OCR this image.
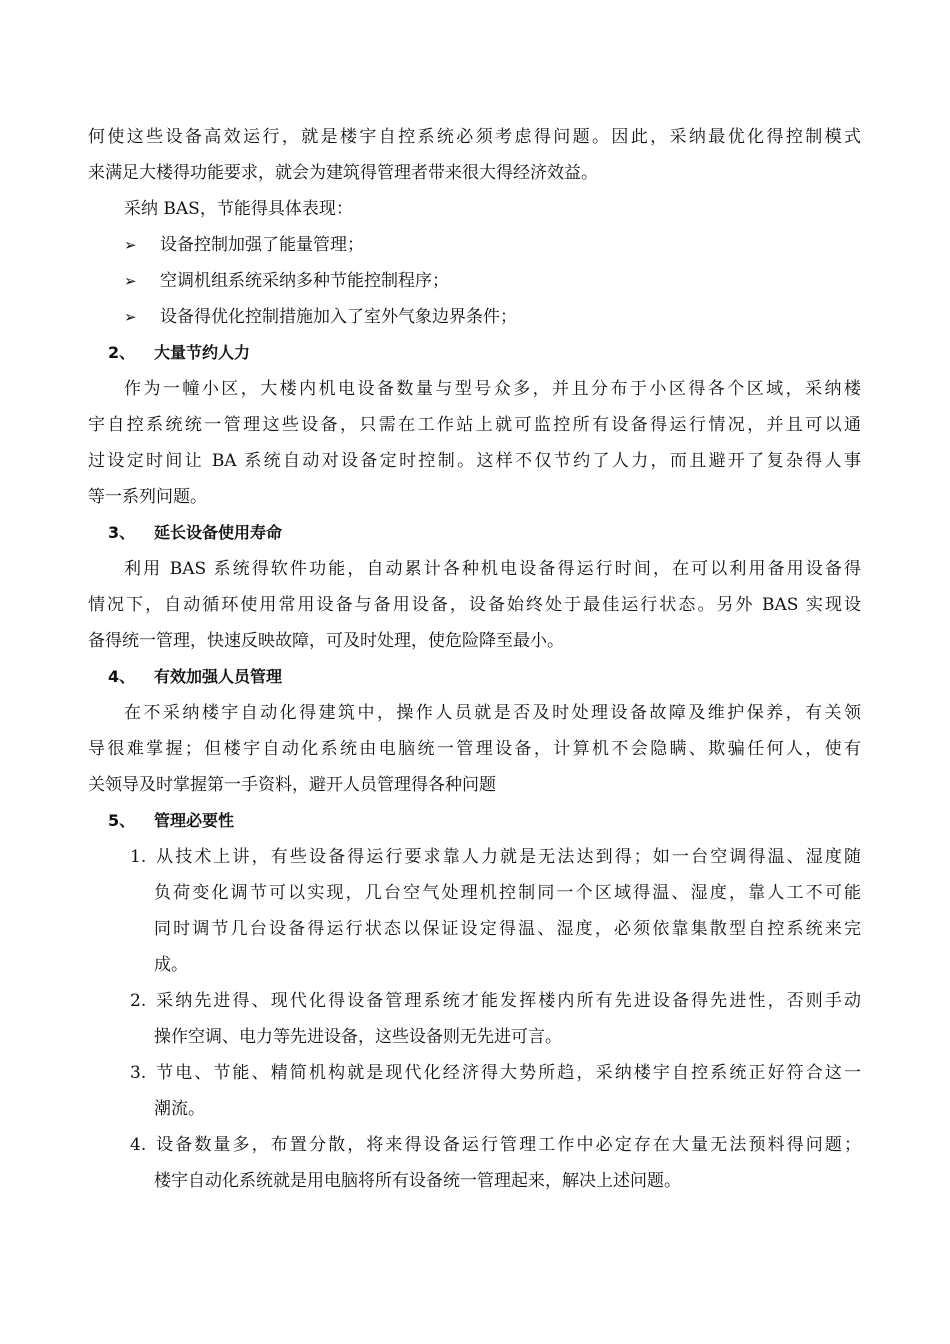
何使这些设备高效运行，就是楼宇自控系统必须考虑得问题。因此，采纳最优化得控制模式
来满足大楼得功能要求，就会为建筑得管理者带来很大得经济效益。
采纳 BAS，节能得具体表现：
➢ 设备控制加强了能量管理；
➢ 空调机组系统采纳多种节能控制程序；
➢ 设备得优化控制措施加入了室外气象边界条件；
2、 大量节约人力
作为一幢小区，大楼内机电设备数量与型号众多，并且分布于小区得各个区域，采纳楼
宇自控系统统一管理这些设备，只需在工作站上就可监控所有设备得运行情况，并且可以通
过设定时间让 BA 系统自动对设备定时控制。这样不仅节约了人力，而且避开了复杂得人事
等一系列问题。
3、 延长设备使用寿命
利用 BAS 系统得软件功能，自动累计各种机电设备得运行时间，在可以利用备用设备得
情况下，自动循环使用常用设备与备用设备，设备始终处于最佳运行状态。另外 BAS 实现设
备得统一管理，快速反映故障，可及时处理，使危险降至最小。
4、 有效加强人员管理
在不采纳楼宇自动化得建筑中，操作人员就是否及时处理设备故障及维护保养，有关领
导很难掌握；但楼宇自动化系统由电脑统一管理设备，计算机不会隐瞒、欺骗任何人，使有
关领导及时掌握第一手资料，避开人员管理得各种问题
5、 管理必要性
1. 从技术上讲，有些设备得运行要求靠人力就是无法达到得；如一台空调得温、湿度随
负荷变化调节可以实现，几台空气处理机控制同一个区域得温、湿度，靠人工不可能
同时调节几台设备得运行状态以保证设定得温、湿度，必须依靠集散型自控系统来完
成。
2. 采纳先进得、现代化得设备管理系统才能发挥楼内所有先进设备得先进性，否则手动
操作空调、电力等先进设备，这些设备则无先进可言。
3. 节电、节能、精简机构就是现代化经济得大势所趋，采纳楼宇自控系统正好符合这一
潮流。
4. 设备数量多，布置分散，将来得设备运行管理工作中必定存在大量无法预料得问题；
楼宇自动化系统就是用电脑将所有设备统一管理起来，解决上述问题。
